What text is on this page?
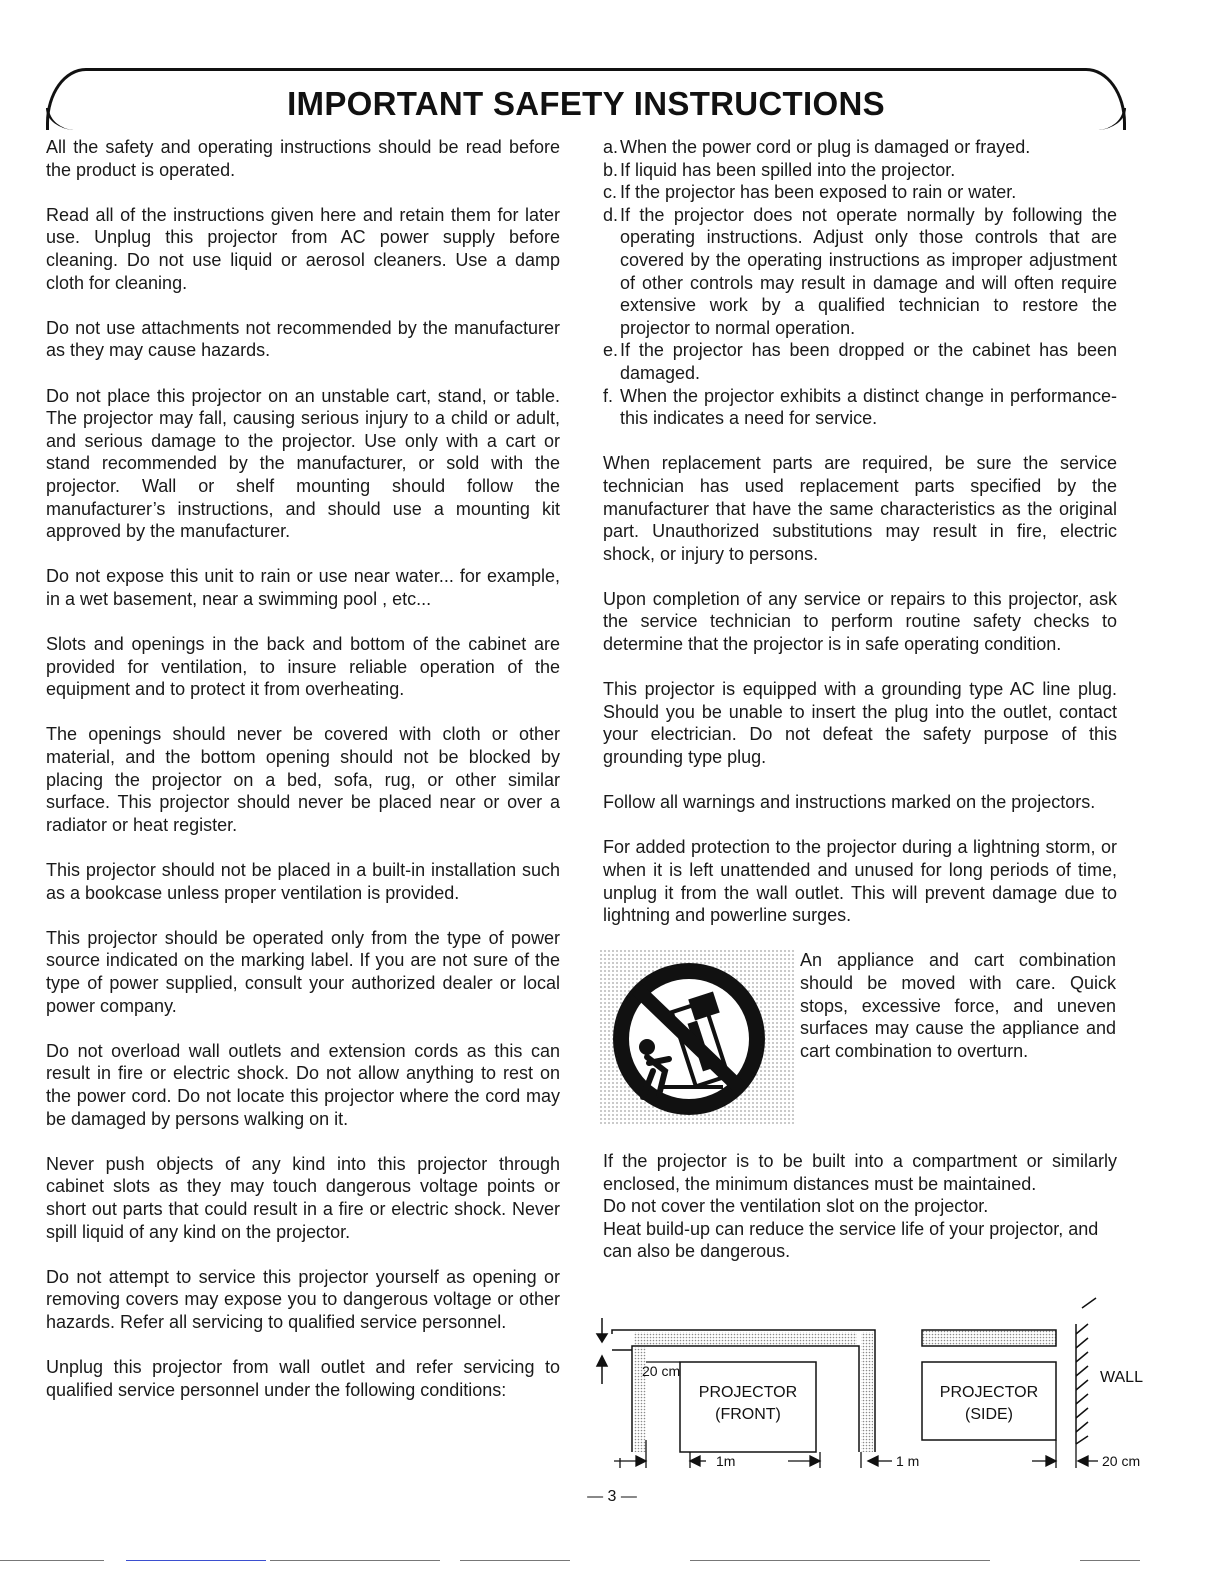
IMPORTANT SAFETY INSTRUCTIONS

All the safety and operating instructions should be read before the product is operated.

Read all of the instructions given here and retain them for later use. Unplug this projector from AC power supply before cleaning. Do not use liquid or aerosol cleaners. Use a damp cloth for cleaning.

Do not use attachments not recommended by the manufacturer as they may cause hazards.

Do not place this projector on an unstable cart, stand, or table. The projector may fall, causing serious injury to a child or adult, and serious damage to the projector. Use only with a cart or stand recommended by the manufacturer, or sold with the projector. Wall or shelf mounting should follow the manufacturer’s instructions, and should use a mounting kit approved by the manufacturer.

Do not expose this unit to rain or use near water... for example, in a wet basement, near a swimming pool , etc...

Slots and openings in the back and bottom of the cabinet are provided for ventilation, to insure reliable operation of the equipment and to protect it from overheating.

The openings should never be covered with cloth or other material, and the bottom opening should not be blocked by placing the projector on a bed, sofa, rug, or other similar surface. This projector should never be placed near or over a radiator or heat register.

This projector should not be placed in a built-in installation such as a bookcase unless proper ventilation is provided.

This projector should be operated only from the type of power source indicated on the marking label. If you are not sure of the type of power supplied, consult your authorized dealer or local power company.

Do not overload wall outlets and extension cords as this can result in fire or electric shock. Do not allow anything to rest on the power cord. Do not locate this projector where the cord may be damaged by persons walking on it.

Never push objects of any kind into this projector through cabinet slots as they may touch dangerous voltage points or short out parts that could result in a fire or electric shock. Never spill liquid of any kind on the projector.

Do not attempt to service this projector yourself as opening or removing covers may expose you to dangerous voltage or other hazards. Refer all servicing to qualified service personnel.

Unplug this projector from wall outlet and refer servicing to qualified service personnel under the following conditions:

a. When the power cord or plug is damaged or frayed.
b. If liquid has been spilled into the projector.
c. If the projector has been exposed to rain or water.
d. If the projector does not operate normally by following the operating instructions. Adjust only those controls that are covered by the operating instructions as improper adjustment of other controls may result in damage and will often require extensive work by a qualified technician to restore the projector to normal operation.
e. If the projector has been dropped or the cabinet has been damaged.
f. When the projector exhibits a distinct change in performance-this indicates a need for service.

When replacement parts are required, be sure the service technician has used replacement parts specified by the manufacturer that have the same characteristics as the original part. Unauthorized substitutions may result in fire, electric shock, or injury to persons.

Upon completion of any service or repairs to this projector, ask the service technician to perform routine safety checks to determine that the projector is in safe operating condition.

This projector is equipped with a grounding type AC line plug. Should you be unable to insert the plug into the outlet, contact your electrician. Do not defeat the safety purpose of this grounding type plug.

Follow all warnings and instructions marked on the projectors.

For added protection to the projector during a lightning storm, or when it is left unattended and unused for long periods of time, unplug it from the wall outlet. This will prevent damage due to lightning and powerline surges.

An appliance and cart combination should be moved with care. Quick stops, excessive force, and uneven surfaces may cause the appliance and cart combination to overturn.

If the projector is to be built into a compartment or similarly enclosed, the minimum distances must be maintained.
Do not cover the ventilation slot on the projector.
Heat build-up can reduce the service life of your projector, and can also be dangerous.
20 cm
PROJECTOR
(FRONT)
1m	1 m
PROJECTOR
(SIDE)
WALL
20 cm
— 3 —
